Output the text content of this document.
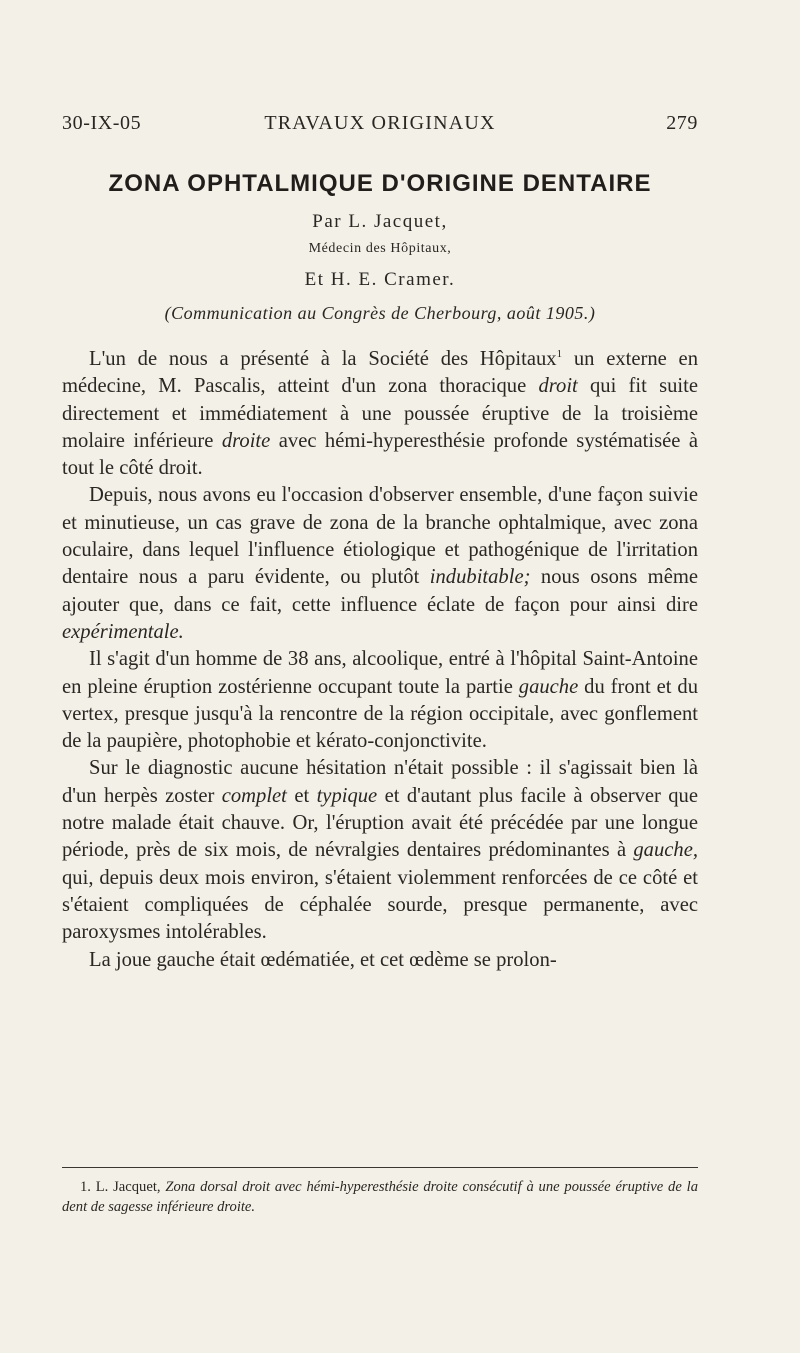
30-IX-05	TRAVAUX ORIGINAUX	279
ZONA OPHTALMIQUE D'ORIGINE DENTAIRE
Par L. Jacquet,
Médecin des Hôpitaux,
Et H. E. Cramer.
(Communication au Congrès de Cherbourg, août 1905.)

L'un de nous a présenté à la Société des Hôpitaux$^1$ un externe en médecine, M. Pascalis, atteint d'un zona thoracique droit qui fit suite directement et immédiatement à une poussée éruptive de la troisième molaire inférieure droite avec hémi-hyperesthésie profonde systématisée à tout le côté droit.

Depuis, nous avons eu l'occasion d'observer ensemble, d'une façon suivie et minutieuse, un cas grave de zona de la branche ophtalmique, avec zona oculaire, dans lequel l'influence étiologique et pathogénique de l'irritation dentaire nous a paru évidente, ou plutôt indubitable; nous osons même ajouter que, dans ce fait, cette influence éclate de façon pour ainsi dire expérimentale.

Il s'agit d'un homme de 38 ans, alcoolique, entré à l'hôpital Saint-Antoine en pleine éruption zostérienne occupant toute la partie gauche du front et du vertex, presque jusqu'à la rencontre de la région occipitale, avec gonflement de la paupière, photophobie et kérato-conjonctivite.

Sur le diagnostic aucune hésitation n'était possible : il s'agissait bien là d'un herpès zoster complet et typique et d'autant plus facile à observer que notre malade était chauve. Or, l'éruption avait été précédée par une longue période, près de six mois, de névralgies dentaires prédominantes à gauche, qui, depuis deux mois environ, s'étaient violemment renforcées de ce côté et s'étaient compliquées de céphalée sourde, presque permanente, avec paroxysmes intolérables.

La joue gauche était œdématiée, et cet œdème se prolon-

1. L. Jacquet, Zona dorsal droit avec hémi-hyperesthésie droite consécutif à une poussée éruptive de la dent de sagesse inférieure droite.
